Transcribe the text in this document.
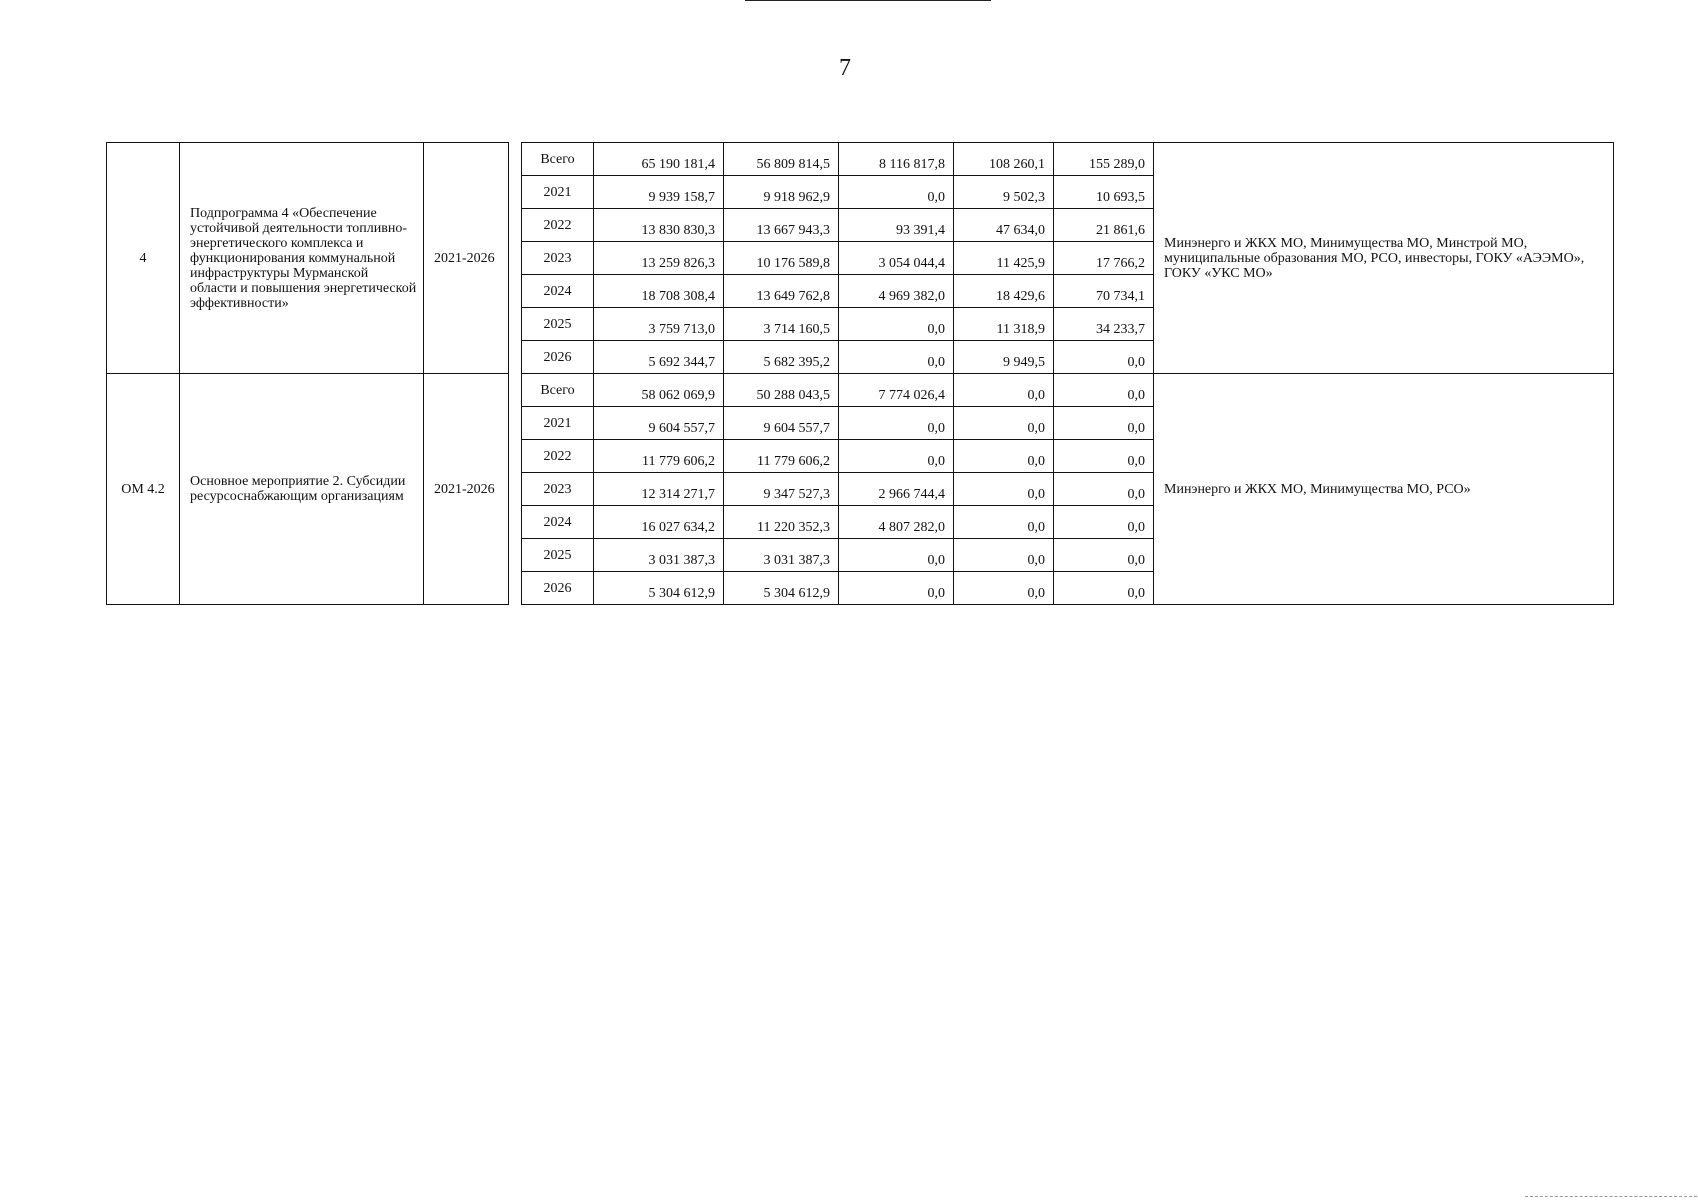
7
4	Подпрограмма 4 «Обеспечение устойчивой деятельности топливно-энергетического комплекса и функционирования коммунальной инфраструктуры Мурманской области и повышения энергетической эффективности»	2021-2026		Всего	65 190 181,4	56 809 814,5	8 116 817,8	108 260,1	155 289,0	Минэнерго и ЖКХ МО, Минимущества МО, Минстрой МО, муниципальные образования МО, РСО, инвесторы, ГОКУ «АЭЭМО», ГОКУ «УКС МО»
				2021	9 939 158,7	9 918 962,9	0,0	9 502,3	10 693,5	
				2022	13 830 830,3	13 667 943,3	93 391,4	47 634,0	21 861,6	
				2023	13 259 826,3	10 176 589,8	3 054 044,4	11 425,9	17 766,2	
				2024	18 708 308,4	13 649 762,8	4 969 382,0	18 429,6	70 734,1	
				2025	3 759 713,0	3 714 160,5	0,0	11 318,9	34 233,7	
				2026	5 692 344,7	5 682 395,2	0,0	9 949,5	0,0	
ОМ 4.2	Основное мероприятие 2. Субсидии ресурсоснабжающим организациям	2021-2026		Всего	58 062 069,9	50 288 043,5	7 774 026,4	0,0	0,0	Минэнерго и ЖКХ МО, Минимущества МО, РСО»
				2021	9 604 557,7	9 604 557,7	0,0	0,0	0,0	
				2022	11 779 606,2	11 779 606,2	0,0	0,0	0,0	
				2023	12 314 271,7	9 347 527,3	2 966 744,4	0,0	0,0	
				2024	16 027 634,2	11 220 352,3	4 807 282,0	0,0	0,0	
				2025	3 031 387,3	3 031 387,3	0,0	0,0	0,0	
				2026	5 304 612,9	5 304 612,9	0,0	0,0	0,0	
